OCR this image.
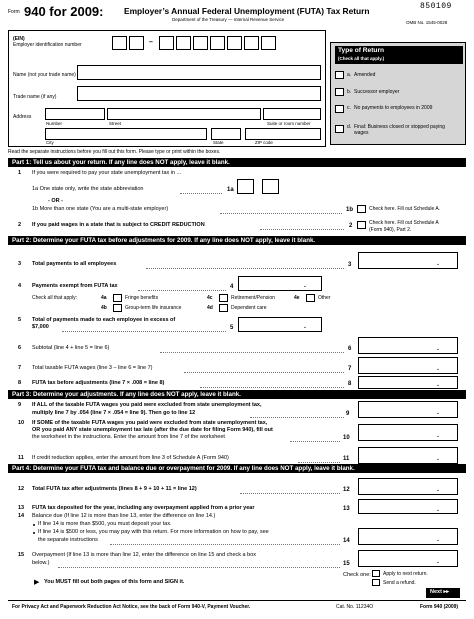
Form 940 for 2009: Employer’s Annual Federal Unemployment (FUTA) Tax Return
Department of the Treasury — Internal Revenue Service
850109
OMB No. 1545-0028
(EIN)
Employer identification number	–
Name (not your trade name)
Trade name (if any)
Address
Number	Street	Suite or room number
City	State	ZIP code
Type of Return
(Check all that apply.)
a. Amended
b. Successor employer
c. No payments to employees in 2009
d. Final: Business closed or stopped paying wages
Read the separate instructions before you fill out this form. Please type or print within the boxes.
Part 1: Tell us about your return. If any line does NOT apply, leave it blank.
1 If you were required to pay your state unemployment tax in ...
1a One state only, write the state abbreviation	1a
- OR -
1b More than one state (You are a multi-state employer)	1b	Check here. Fill out Schedule A.
2 If you paid wages in a state that is subject to CREDIT REDUCTION	2	Check here. Fill out Schedule A
(Form 940), Part 2.
Part 2: Determine your FUTA tax before adjustments for 2009. If any line does NOT apply, leave it blank.
3 Total payments to all employees	3	.
4 Payments exempt from FUTA tax	4	.
Check all that apply:	4a	Fringe benefits	4c	Retirement/Pension	4e	Other
4b	Group-term life insurance	4d	Dependent care
5 Total of payments made to each employee in excess of
$7,000	5	.
6 Subtotal (line 4 + line 5 = line 6)	6	.
7 Total taxable FUTA wages (line 3 – line 6 = line 7)	7	.
8 FUTA tax before adjustments (line 7 × .008 = line 8)	8	.
Part 3: Determine your adjustments. If any line does NOT apply, leave it blank.
9 If ALL of the taxable FUTA wages you paid were excluded from state unemployment tax,
multiply line 7 by .054 (line 7 × .054 = line 9). Then go to line 12	9	.
10 If SOME of the taxable FUTA wages you paid were excluded from state unemployment tax,
OR you paid ANY state unemployment tax late (after the due date for filing Form 940), fill out
the worksheet in the instructions. Enter the amount from line 7 of the worksheet	10	.
11 If credit reduction applies, enter the amount from line 3 of Schedule A (Form 940)	11	.
Part 4: Determine your FUTA tax and balance due or overpayment for 2009. If any line does NOT apply, leave it blank.
12 Total FUTA tax after adjustments (lines 8 + 9 + 10 + 11 = line 12)	12	.
13 FUTA tax deposited for the year, including any overpayment applied from a prior year	13	.
14 Balance due (If line 12 is more than line 13, enter the difference on line 14.)
If line 14 is more than $500, you must deposit your tax.
If line 14 is $500 or less, you may pay with this return. For more information on how to pay, see
the separate instructions	14	.
15 Overpayment (If line 13 is more than line 12, enter the difference on line 15 and check a box
below.)	15	.
Check one: Apply to next return.
Send a refund.
▶ You MUST fill out both pages of this form and SIGN it.
Next ▸▸
For Privacy Act and Paperwork Reduction Act Notice, see the back of Form 940-V, Payment Voucher.	Cat. No. 11234O	Form 940 (2009)
